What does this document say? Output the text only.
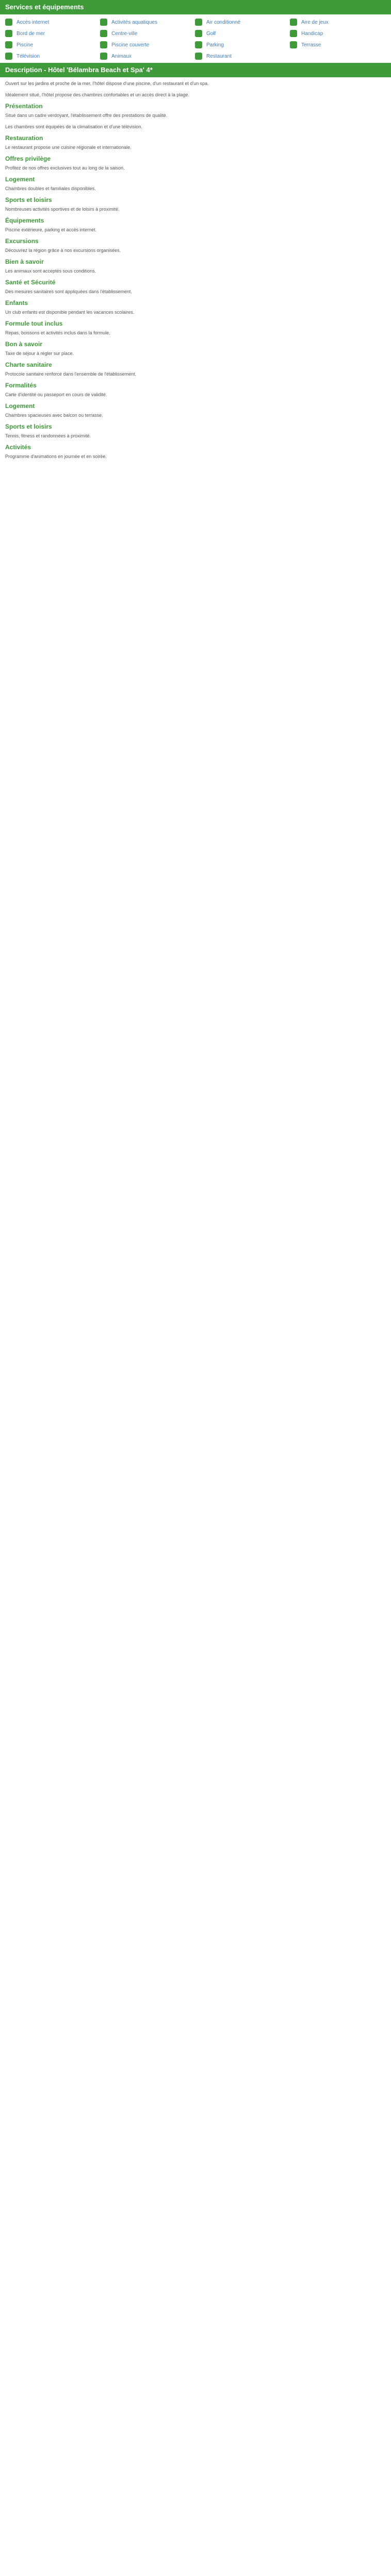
Services et équipements
Accès internet	Activités aquatiques	Air conditionné	Aire de jeux
Bord de mer	Centre-ville	Golf	Handicap
Piscine	Piscine couverte	Parking	Terrasse
Télévision	Animaux	Restaurant
Description - Hôtel 'Bélambra Beach et Spa' 4*
Ouvert sur les jardins et proche de la mer, l'hôtel dispose d'une piscine, d'un restaurant et d'un spa.
Idéalement situé, l'hôtel propose des chambres confortables et un accès direct à la plage.
Présentation
Situé dans un cadre verdoyant, l'établissement offre des prestations de qualité.
Les chambres sont équipées de la climatisation et d'une télévision.
Restauration
Le restaurant propose une cuisine régionale et internationale.
Offres privilège
Profitez de nos offres exclusives tout au long de la saison.
Logement
Chambres doubles et familiales disponibles.
Sports et loisirs
Nombreuses activités sportives et de loisirs à proximité.
Équipements
Piscine extérieure, parking et accès internet.
Excursions
Découvrez la région grâce à nos excursions organisées.
Bien à savoir
Les animaux sont acceptés sous conditions.
Santé et Sécurité
Des mesures sanitaires sont appliquées dans l'établissement.
Enfants
Un club enfants est disponible pendant les vacances scolaires.
Formule tout inclus
Repas, boissons et activités inclus dans la formule.
Bon à savoir
Taxe de séjour à régler sur place.
Charte sanitaire
Protocole sanitaire renforcé dans l'ensemble de l'établissement.
Formalités
Carte d'identité ou passeport en cours de validité.
Logement
Chambres spacieuses avec balcon ou terrasse.
Sports et loisirs
Tennis, fitness et randonnées à proximité.
Activités
Programme d'animations en journée et en soirée.
